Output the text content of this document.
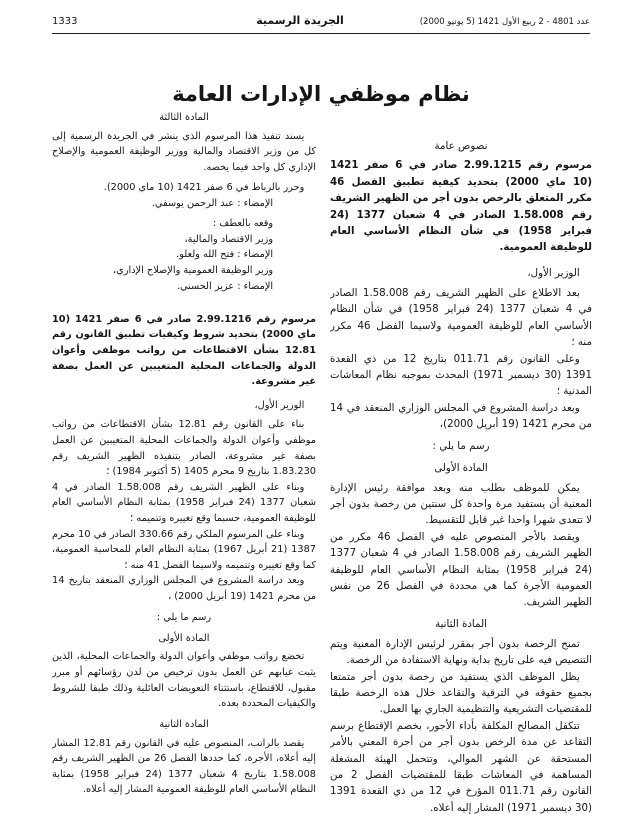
1333	الجريدة الرسمية	عدد 4801 - 2 ربيع الأول 1421 (5 يونيو 2000)
نظام موظفي الإدارات العامة

نصوص عامة

مرسوم رقم 2.99.1215 صادر في 6 صفر 1421 (10 ماي 2000) بتحديد كيفية تطبيق الفصل 46 مكرر المتعلق بالرخص بدون أجر من الظهير الشريف رقم 1.58.008 الصادر في 4 شعبان 1377 (24 فبراير 1958) في شأن النظام الأساسي العام للوظيفة العمومية.

الوزير الأول،

بعد الاطلاع على الظهير الشريف رقم 1.58.008 الصادر في 4 شعبان 1377 (24 فبراير 1958) في شأن النظام الأساسي العام للوظيفة العمومية ولاسيما الفصل 46 مكرر منه ؛

وعلى القانون رقم 011.71 بتاريخ 12 من ذي القعدة 1391 (30 ديسمبر 1971) المحدث بموجبه نظام المعاشات المدنية ؛

وبعد دراسة المشروع في المجلس الوزاري المنعقد في 14 من محرم 1421 (19 أبريل 2000)،

رسم ما يلي :

المادة الأولى

يمكن للموظف بطلب منه وبعد موافقة رئيس الإدارة المعنية أن يستفيد مرة واحدة كل سنتين من رخصة بدون أجر لا تتعدى شهرا واحدا غير قابل للتقسيط.

ويقصد بالأجر المنصوص عليه في الفصل 46 مكرر من الظهير الشريف رقم 1.58.008 الصادر في 4 شعبان 1377 (24 فبراير 1958) بمثابة النظام الأساسي العام للوظيفة العمومية الأجرة كما هي محددة في الفصل 26 من نفس الظهير الشريف.

المادة الثانية

تمنح الرخصة بدون أجر بمقرر لرئيس الإدارة المعنية ويتم التنصيص فيه على تاريخ بداية ونهاية الاستفادة من الرخصة.

يظل الموظف الذي يستفيد من رخصة بدون أجر متمتعا بجميع حقوقه في الترقية والتقاعد خلال هذه الرخصة طبقا للمقتضيات التشريعية والتنظيمية الجاري بها العمل.

تتكفل المصالح المكلفة بأداء الأجور، بخصم الإقتطاع برسم التقاعد عن مدة الرخص بدون أجر من أجرة المعني بالأمر المستحقة عن الشهر الموالي، وتتحمل الهيئة المشغلة المساهمة في المعاشات طبقا للمقتضيات الفصل 2 من القانون رقم 011.71 المؤرخ في 12 من ذي القعدة 1391 (30 ديسمبر 1971) المشار إليه أعلاه.

المادة الثالثة

يسند تنفيذ هذا المرسوم الذي ينشر في الجريدة الرسمية إلى كل من وزير الاقتصاد والمالية ووزير الوظيفة العمومية والإصلاح الإداري كل واحد فيما يخصه.

وحرر بالرباط في 6 صفر 1421 (10 ماي 2000).

الإمضاء : عبد الرحمن يوسفي.

وقعه بالعطف :

وزير الاقتصاد والمالية،

الإمضاء : فتح الله ولعلو.

وزير الوظيفة العمومية والإصلاح الإداري،

الإمضاء : عزيز الحسني.

مرسوم رقم 2.99.1216 صادر في 6 صفر 1421 (10 ماي 2000) بتحديد شروط وكيفيات تطبيق القانون رقم 12.81 بشأن الاقتطاعات من رواتب موظفي وأعوان الدولة والجماعات المحلية المتغيبين عن العمل بصفة غير مشروعة.

الوزير الأول،

بناء على القانون رقم 12.81 بشأن الاقتطاعات من رواتب موظفي وأعوان الدولة والجماعات المحلية المتغيبين عن العمل بصفة غير مشروعة، الصادر بتنفيذه الظهير الشريف رقم 1.83.230 بتاريخ 9 محرم 1405 (5 أكتوبر 1984) ؛

وبناء على الظهير الشريف رقم 1.58.008 الصادر في 4 شعبان 1377 (24 فبراير 1958) بمثابة النظام الأساسي العام للوظيفة العمومية، حسبما وقع تغييره وتتميمه ؛

وبناء على المرسوم الملكي رقم 330.66 الصادر في 10 محرم 1387 (21 أبريل 1967) بمثابة النظام العام للمحاسبة العمومية، كما وقع تغييره وتتميمه ولاسيما الفصل 41 منه ؛

وبعد دراسة المشروع في المجلس الوزاري المنعقد بتاريخ 14 من محرم 1421 (19 أبريل 2000) ،

رسم ما يلي :

المادة الأولى

تخضع رواتب موظفي وأعوان الدولة والجماعات المحلية، الذين يثبت غيابهم عن العمل بدون ترخيص من لدن رؤسائهم أو مبرر مقبول، للاقتطاع، باستثناء التعويضات العائلية وذلك طبقا للشروط والكيفيات المحددة بعده.

المادة الثانية

يقصد بالراتب، المنصوص عليه في القانون رقم 12.81 المشار إليه أعلاه، الأجرة، كما حددها الفصل 26 من الظهير الشريف رقم 1.58.008 بتاريخ 4 شعبان 1377 (24 فبراير 1958) بمثابة النظام الأساسي العام للوظيفة العمومية المشار إليه أعلاه.
